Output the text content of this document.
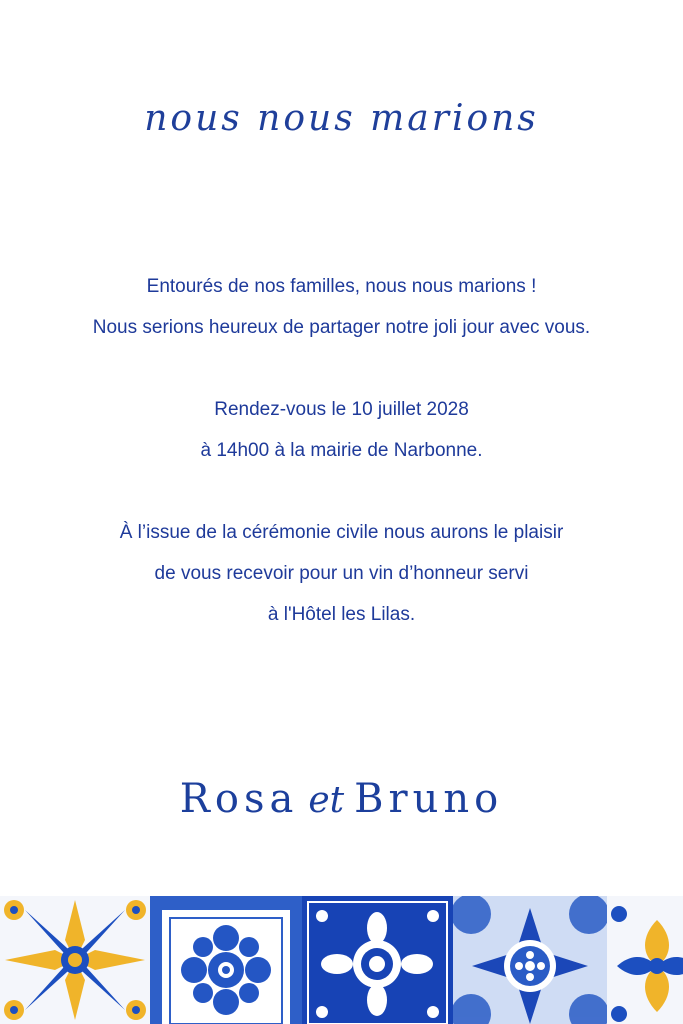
nous nous marions
Entourés de nos familles, nous nous marions !
Nous serions heureux de partager notre joli jour avec vous.
Rendez-vous le 10 juillet 2028
à 14h00 à la mairie de Narbonne.
À l’issue de la cérémonie civile nous aurons le plaisir
de vous recevoir pour un vin d’honneur servi
à l'Hôtel les Lilas.
Rosa et Bruno
